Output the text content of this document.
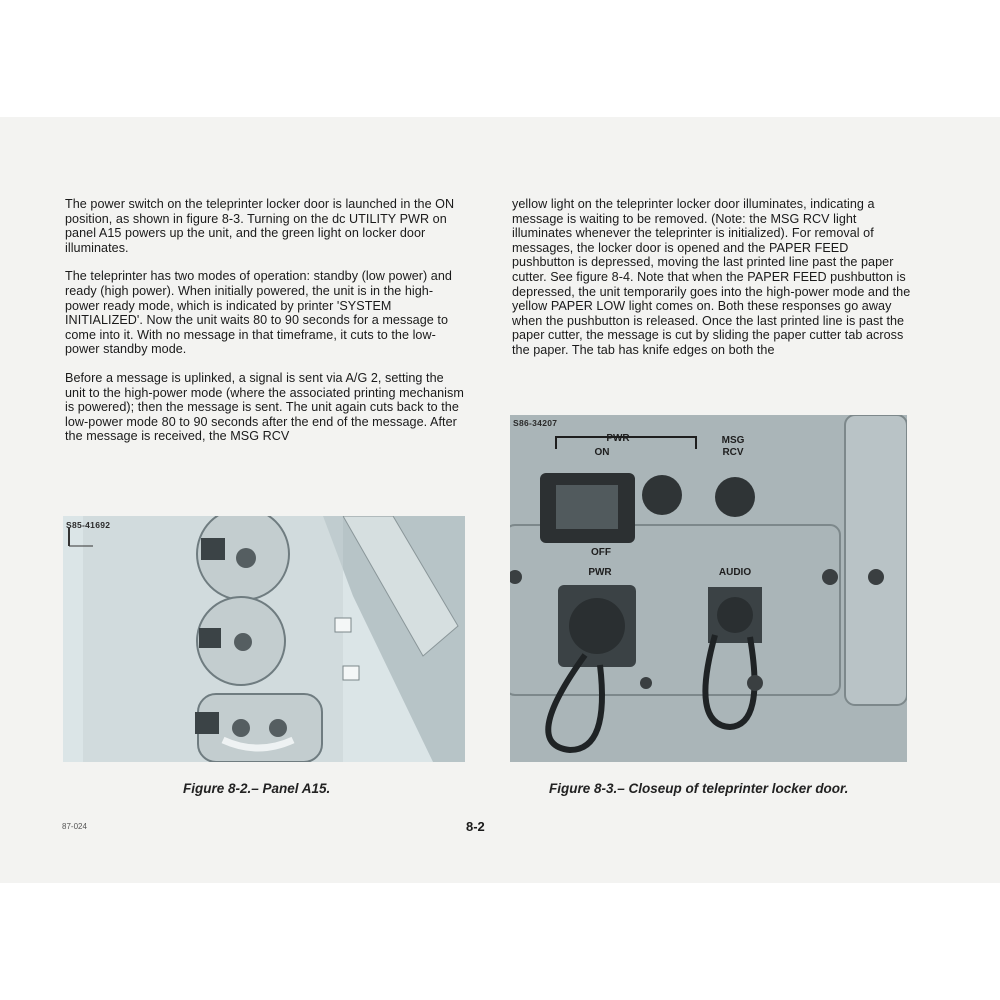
The power switch on the teleprinter locker door is launched in the ON position, as shown in figure 8-3. Turning on the dc UTILITY PWR on panel A15 powers up the unit, and the green light on locker door illuminates.

The teleprinter has two modes of operation: standby (low power) and ready (high power). When initially powered, the unit is in the high-power ready mode, which is indicated by printer 'SYSTEM INITIALIZED'. Now the unit waits 80 to 90 seconds for a message to come into it. With no message in that timeframe, it cuts to the low-power standby mode.

Before a message is uplinked, a signal is sent via A/G 2, setting the unit to the high-power mode (where the associated printing mechanism is powered); then the message is sent. The unit again cuts back to the low-power mode 80 to 90 seconds after the end of the message. After the message is received, the MSG RCV

yellow light on the teleprinter locker door illuminates, indicating a message is waiting to be removed. (Note: the MSG RCV light illuminates whenever the teleprinter is initialized). For removal of messages, the locker door is opened and the PAPER FEED pushbutton is depressed, moving the last printed line past the paper cutter. See figure 8-4. Note that when the PAPER FEED pushbutton is depressed, the unit temporarily goes into the high-power mode and the yellow PAPER LOW light comes on. Both these responses go away when the pushbutton is released. Once the last printed line is past the paper cutter, the message is cut by sliding the paper cutter tab across the paper. The tab has knife edges on both the

S85-41692
Figure 8-2.– Panel A15.
PWR
ON
OFF
MSG
RCV
PWR	AUDIO
S86-34207
Figure 8-3.– Closeup of teleprinter locker door.
87-024	8-2
